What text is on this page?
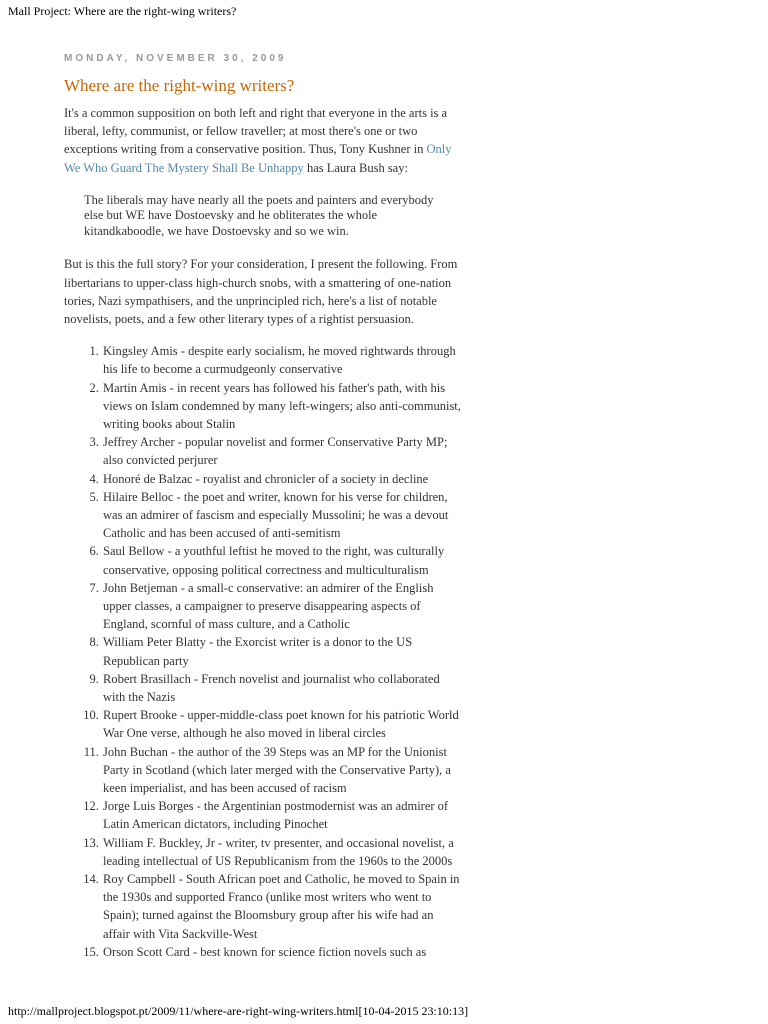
Mall Project: Where are the right-wing writers?
MONDAY, NOVEMBER 30, 2009
Where are the right-wing writers?

It's a common supposition on both left and right that everyone in the arts is a liberal, lefty, communist, or fellow traveller; at most there's one or two exceptions writing from a conservative position. Thus, Tony Kushner in Only We Who Guard The Mystery Shall Be Unhappy has Laura Bush say:

The liberals may have nearly all the poets and painters and everybody else but WE have Dostoevsky and he obliterates the whole kitandkaboodle, we have Dostoevsky and so we win.

But is this the full story? For your consideration, I present the following. From libertarians to upper-class high-church snobs, with a smattering of one-nation tories, Nazi sympathisers, and the unprincipled rich, here's a list of notable novelists, poets, and a few other literary types of a rightist persuasion.

1. Kingsley Amis - despite early socialism, he moved rightwards through his life to become a curmudgeonly conservative
2. Martin Amis - in recent years has followed his father's path, with his views on Islam condemned by many left-wingers; also anti-communist, writing books about Stalin
3. Jeffrey Archer - popular novelist and former Conservative Party MP; also convicted perjurer
4. Honoré de Balzac - royalist and chronicler of a society in decline
5. Hilaire Belloc - the poet and writer, known for his verse for children, was an admirer of fascism and especially Mussolini; he was a devout Catholic and has been accused of anti-semitism
6. Saul Bellow - a youthful leftist he moved to the right, was culturally conservative, opposing political correctness and multiculturalism
7. John Betjeman - a small-c conservative: an admirer of the English upper classes, a campaigner to preserve disappearing aspects of England, scornful of mass culture, and a Catholic
8. William Peter Blatty - the Exorcist writer is a donor to the US Republican party
9. Robert Brasillach - French novelist and journalist who collaborated with the Nazis
10. Rupert Brooke - upper-middle-class poet known for his patriotic World War One verse, although he also moved in liberal circles
11. John Buchan - the author of the 39 Steps was an MP for the Unionist Party in Scotland (which later merged with the Conservative Party), a keen imperialist, and has been accused of racism
12. Jorge Luis Borges - the Argentinian postmodernist was an admirer of Latin American dictators, including Pinochet
13. William F. Buckley, Jr - writer, tv presenter, and occasional novelist, a leading intellectual of US Republicanism from the 1960s to the 2000s
14. Roy Campbell - South African poet and Catholic, he moved to Spain in the 1930s and supported Franco (unlike most writers who went to Spain); turned against the Bloomsbury group after his wife had an affair with Vita Sackville-West
15. Orson Scott Card - best known for science fiction novels such as
http://mallproject.blogspot.pt/2009/11/where-are-right-wing-writers.html[10-04-2015 23:10:13]
